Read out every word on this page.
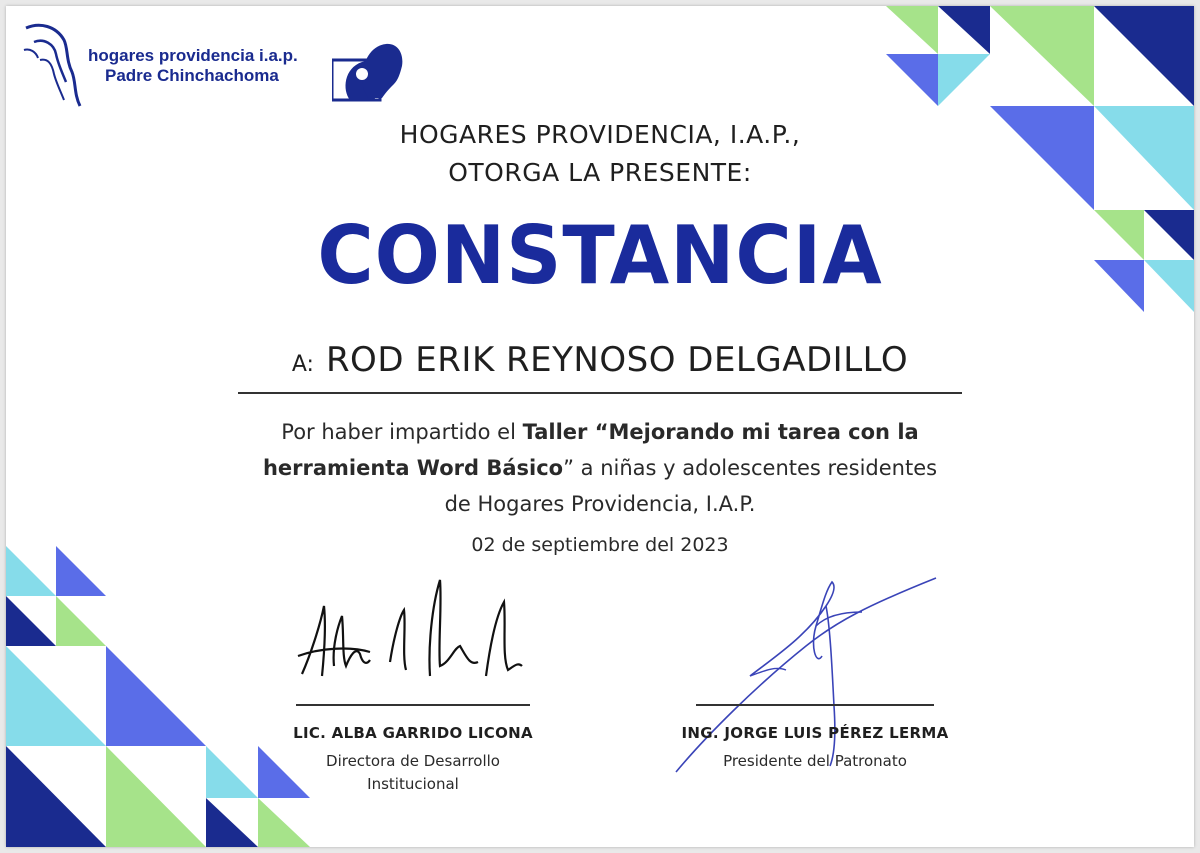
hogares providencia i.a.p.
Padre Chinchachoma
HOGARES PROVIDENCIA, I.A.P.,
OTORGA LA PRESENTE:
CONSTANCIA
A: ROD ERIK REYNOSO DELGADILLO
Por haber impartido el Taller “Mejorando mi tarea con la herramienta Word Básico” a niñas y adolescentes residentes de Hogares Providencia, I.A.P.
02 de septiembre del 2023
LIC. ALBA GARRIDO LICONA
Directora de Desarrollo
Institucional
ING. JORGE LUIS PÉREZ LERMA
Presidente del Patronato
